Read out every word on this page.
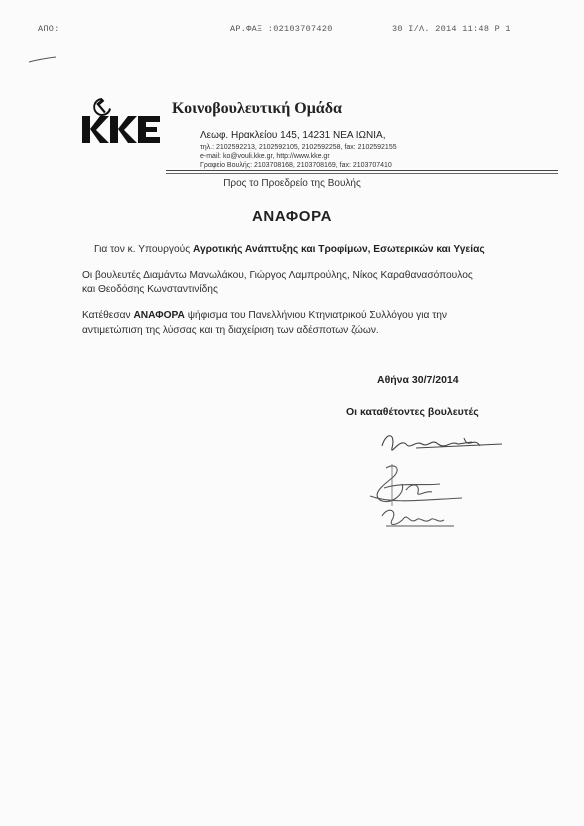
ΑΠΟ:	ΑΡ.ΦΑΞ :02103707420	30 Ι/Λ. 2014 11:48 Ρ 1
Κοινοβουλευτική Ομάδα
Λεωφ. Ηρακλείου 145, 14231 ΝΕΑ ΙΩΝΙΑ,
τηλ.: 2102592213, 2102592105, 2102592258, fax: 2102592155
e-mail: ko@vouli.kke.gr, http://www.kke.gr
Γραφείο Βουλής: 2103708168, 2103708169, fax: 2103707410
Προς το Προεδρείο της Βουλής
ΑΝΑΦΟΡΑ
Για τον κ. Υπουργούς Αγροτικής Ανάπτυξης και Τροφίμων, Εσωτερικών και Υγείας
Οι βουλευτές Διαμάντω Μανωλάκου, Γιώργος Λαμπρούλης, Νίκος Καραθανασόπουλος
και Θεοδόσης Κωνσταντινίδης
Κατέθεσαν ΑΝΑΦΟΡΑ ψήφισμα του Πανελλήνιου Κτηνιατρικού Συλλόγου για την
αντιμετώπιση της λύσσας και τη διαχείριση των αδέσποτων ζώων.
Αθήνα 30/7/2014
Οι καταθέτοντες βουλευτές
